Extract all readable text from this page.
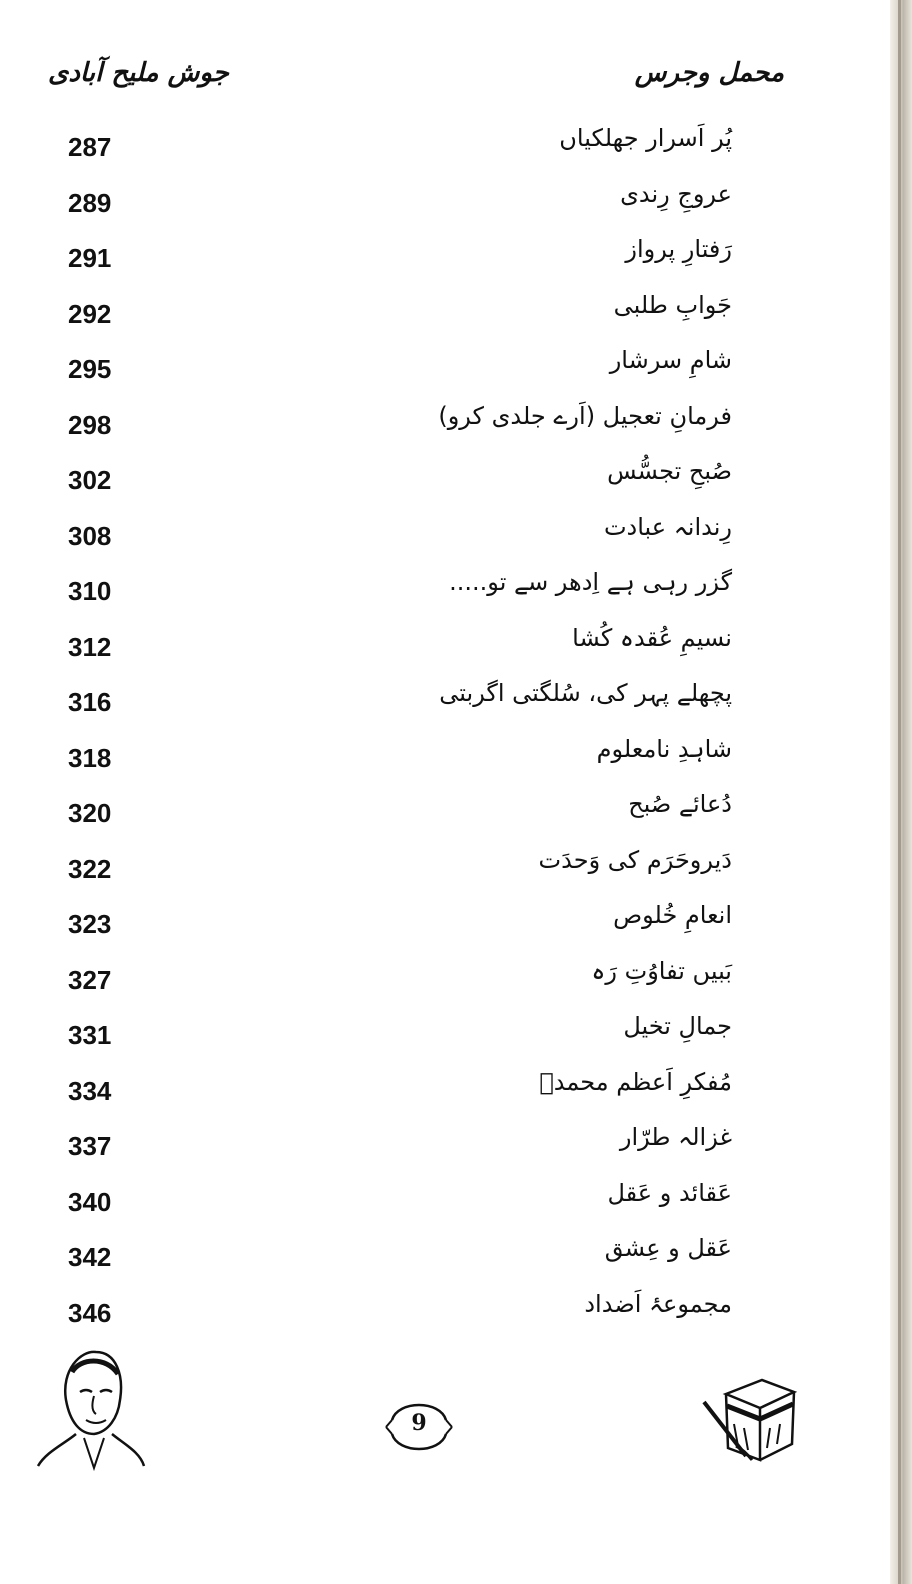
محمل وجرس
جوش ملیح آبادی
پُر اَسرار جھلکیاں
287
عروجِ رِندی
289
رَفتارِ پرواز
291
جَوابِ طلبی
292
شامِ سرشار
295
فرمانِ تعجیل (اَرے جلدی کرو)
298
صُبحِ تجسُّس
302
رِندانہ عبادت
308
گزر رہی ہے اِدھر سے تو.....
310
نسیمِ عُقدہ کُشا
312
پچھلے پہر کی، سُلگتی اگربتی
316
شاہدِ نامعلوم
318
دُعائے صُبح
320
دَیروحَرَم کی وَحدَت
322
انعامِ خُلوص
323
بَبیں تفاوُتِ رَہ
327
جمالِ تخیل
331
مُفکرِ اَعظم محمدؐ
334
غزالہ طرّار
337
عَقائد و عَقل
340
عَقل و عِشق
342
مجموعۂ اَضداد
346
9
